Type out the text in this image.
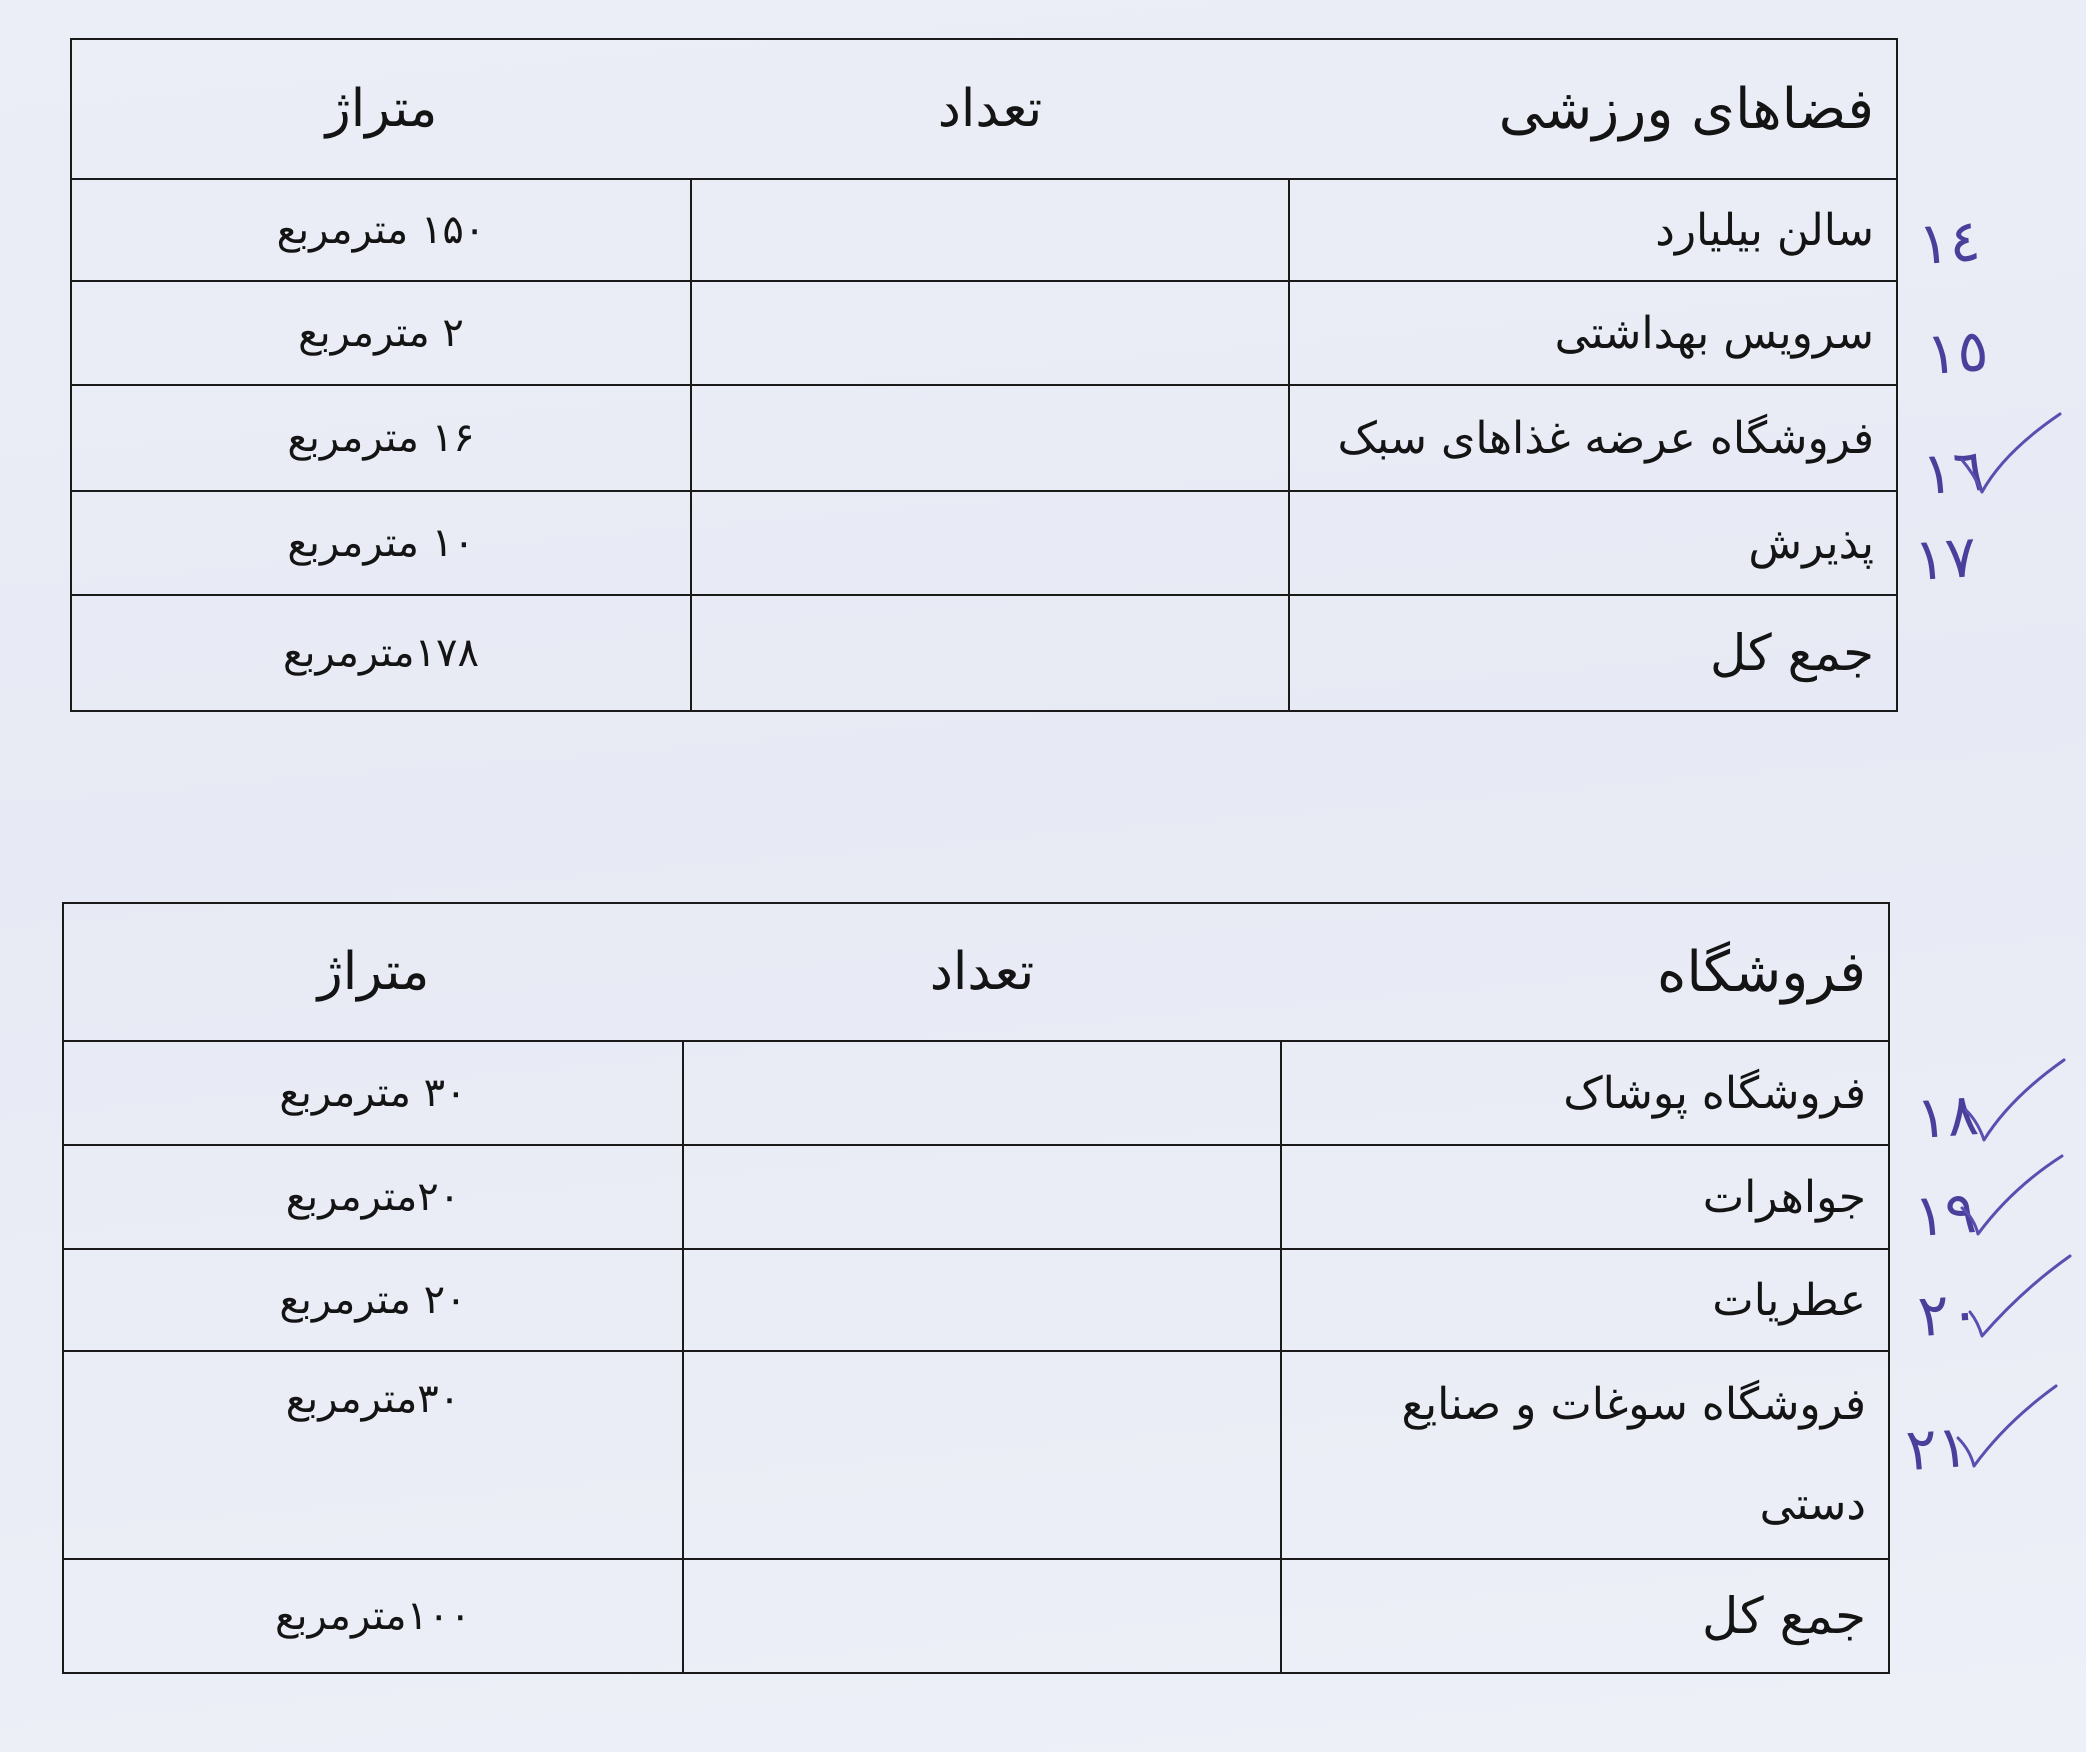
فضاهای ورزشی	تعداد	متراژ
سالن بیلیارد		۱۵۰ مترمربع
سرویس بهداشتی		۲ مترمربع
فروشگاه عرضه غذاهای سبک		۱۶ مترمربع
پذیرش		۱۰ مترمربع
جمع کل		۱۷۸مترمربع
فروشگاه	تعداد	متراژ
فروشگاه پوشاک		۳۰ مترمربع
جواهرات		۲۰مترمربع
عطریات		۲۰ مترمربع

فروشگاه سوغات و صنایع
دستی		۳۰مترمربع
جمع کل		۱۰۰مترمربع
١٤
١٥
١٦
١٧
١٨
١٩
٢٠
٢١
